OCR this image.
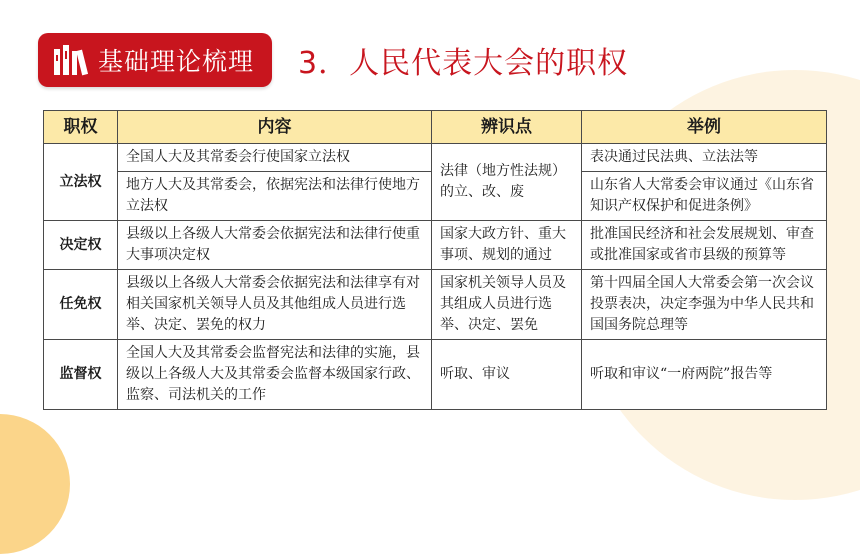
基础理论梳理 3．人民代表大会的职权
职权	内容	辨识点	举例
立法权	全国人大及其常委会行使国家立法权	法律（地方性法规）的立、改、废	表决通过民法典、立法法等
	地方人大及其常委会，依据宪法和法律行使地方立法权		山东省人大常委会审议通过《山东省知识产权保护和促进条例》
决定权	县级以上各级人大常委会依据宪法和法律行使重大事项决定权	国家大政方针、重大事项、规划的通过	批准国民经济和社会发展规划、审查或批准国家或省市县级的预算等
任免权	县级以上各级人大常委会依据宪法和法律享有对相关国家机关领导人员及其他组成人员进行选举、决定、罢免的权力	国家机关领导人员及其组成人员进行选举、决定、罢免	第十四届全国人大常委会第一次会议投票表决，决定李强为中华人民共和国国务院总理等
监督权	全国人大及其常委会监督宪法和法律的实施，县级以上各级人大及其常委会监督本级国家行政、监察、司法机关的工作	听取、审议	听取和审议“一府两院”报告等
